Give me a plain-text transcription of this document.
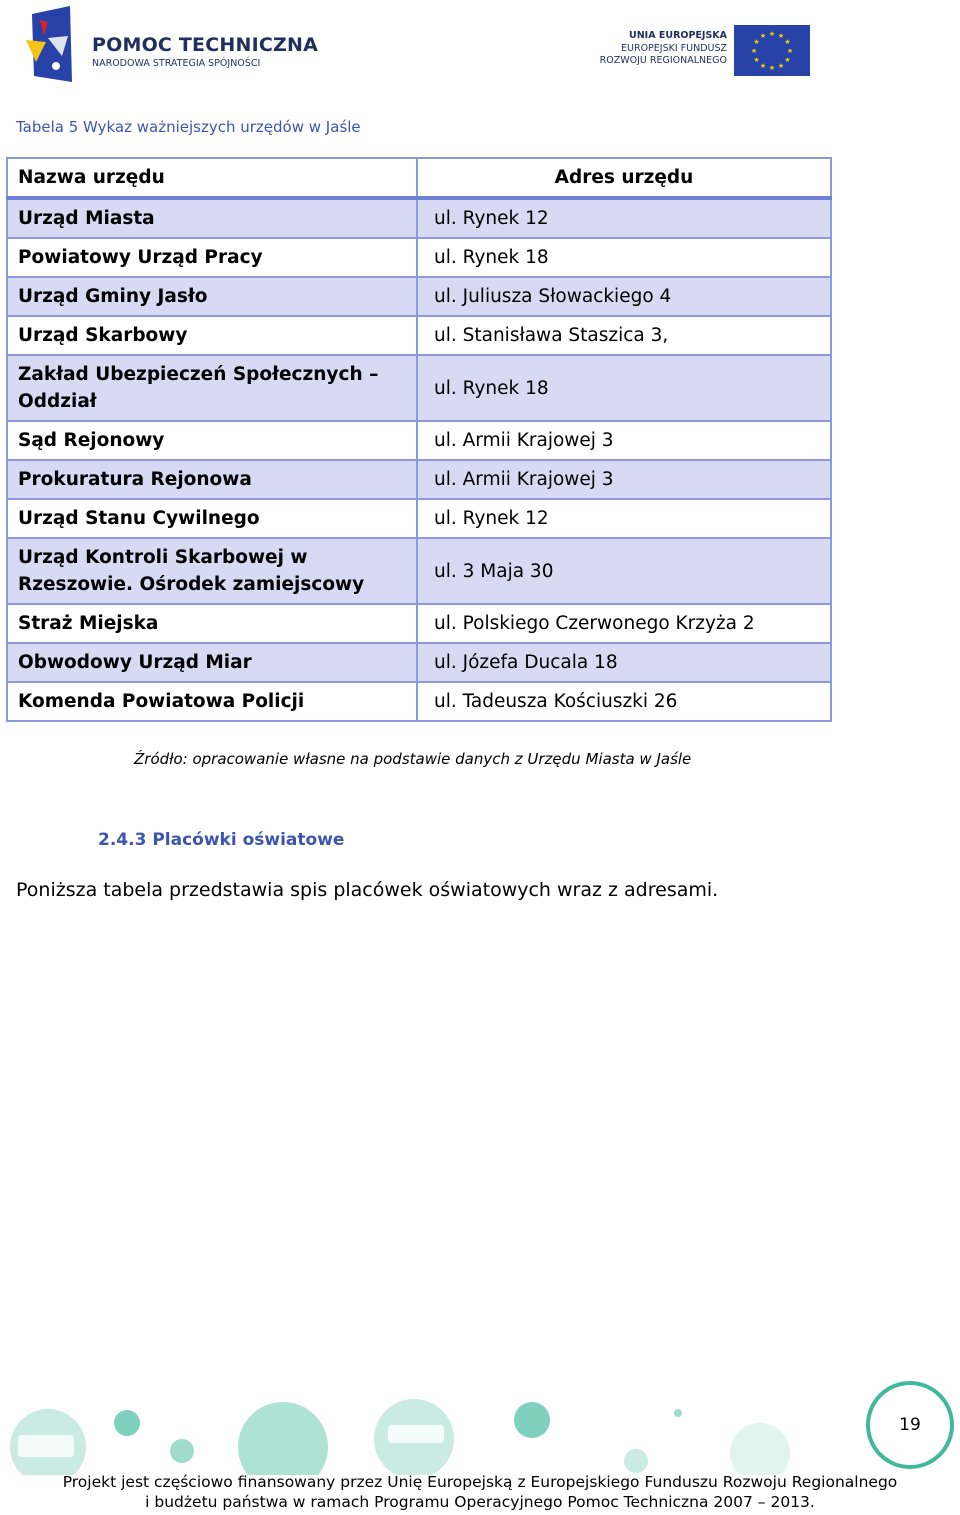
POMOC TECHNICZNA
NARODOWA STRATEGIA SPÓJNOŚCI
UNIA EUROPEJSKA
EUROPEJSKI FUNDUSZ
ROZWOJU REGIONALNEGO
★ ★
★
★
★
★
★
★
★
★
★
★
Tabela 5 Wykaz ważniejszych urzędów w Jaśle
Nazwa urzędu	Adres urzędu
Urząd Miasta	ul. Rynek 12
Powiatowy Urząd Pracy	ul. Rynek 18
Urząd Gminy Jasło	ul. Juliusza Słowackiego 4
Urząd Skarbowy	ul. Stanisława Staszica 3,
Zakład Ubezpieczeń Społecznych – Oddział	ul. Rynek 18
Sąd Rejonowy	ul. Armii Krajowej 3
Prokuratura Rejonowa	ul. Armii Krajowej 3
Urząd Stanu Cywilnego	ul. Rynek 12
Urząd Kontroli Skarbowej w Rzeszowie. Ośrodek zamiejscowy	ul. 3 Maja 30
Straż Miejska	ul. Polskiego Czerwonego Krzyża 2
Obwodowy Urząd Miar	ul. Józefa Ducala 18
Komenda Powiatowa Policji	ul. Tadeusza Kościuszki 26
Źródło: opracowanie własne na podstawie danych z Urzędu Miasta w Jaśle
2.4.3 Placówki oświatowe
Poniższa tabela przedstawia spis placówek oświatowych wraz z adresami.
19
Projekt jest częściowo finansowany przez Unię Europejską z Europejskiego Funduszu Rozwoju Regionalnego
i budżetu państwa w ramach Programu Operacyjnego Pomoc Techniczna 2007 – 2013.
